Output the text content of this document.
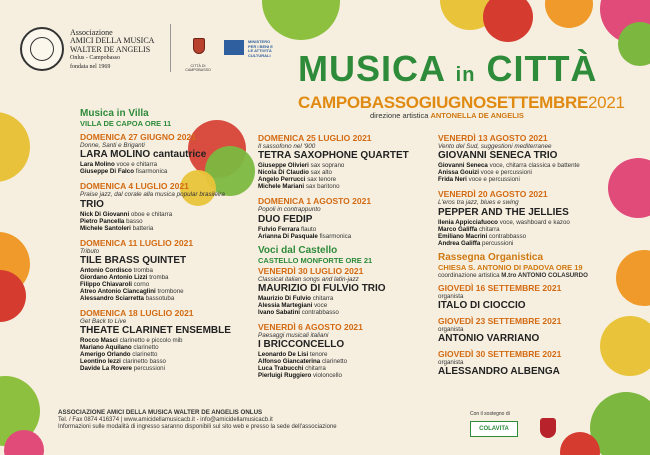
Associazione
AMICI DELLA MUSICA
WALTER DE ANGELIS
Onlus - Campobasso
fondata nel 1969	CITTÀ DI CAMPOBASSO
MINISTERO PER I BENI E LE ATTIVITÀ CULTURALI MUSICA in CITTÀ
CAMPOBASSOGIUGNOSETTEMBRE2021
direzione artistica ANTONELLA DE ANGELIS
Musica in Villa
VILLA DE CAPOA ORE 11
DOMENICA 27 GIUGNO 2021
Donne, Santi e Briganti
LARA MOLINO cantautrice
Lara Molino voce e chitarra
Giuseppe Di Falco fisarmonica
DOMENICA 4 LUGLIO 2021
Praise jazz, dal corale alla musica popular brasileira
TRIO
Nick Di Giovanni oboe e chitarra
Pietro Pancella basso
Michele Santoleri batteria
DOMENICA 11 LUGLIO 2021
Tributo
TILE BRASS QUINTET
Antonio Cordisco tromba
Giordano Antonio Lizzi tromba
Filippo Chiavaroli corno
Atreo Antonio Ciancaglini trombone
Alessandro Sciarretta bassotuba
DOMENICA 18 LUGLIO 2021
Get Back to Live
THEATE CLARINET ENSEMBLE
Rocco Masci clarinetto e piccolo mib
Mariano Aquilano clarinetto
Amerigo Orlando clarinetto
Leontino Iezzi clarinetto basso
Davide La Rovere percussioni
DOMENICA 25 LUGLIO 2021
Il sassofono nel '900
TETRA SAXOPHONE QUARTET
Giuseppe Olivieri sax soprano
Nicola Di Claudio sax alto
Angelo Perrucci sax tenore
Michele Mariani sax baritono
DOMENICA 1 AGOSTO 2021
Popoli in contrappunto
DUO FEDIP
Fulvio Ferrara flauto
Arianna Di Pasquale fisarmonica
Voci dal Castello
CASTELLO MONFORTE ORE 21
VENERDÌ 30 LUGLIO 2021
Classical italian songs and latin-jazz
MAURIZIO DI FULVIO TRIO
Maurizio Di Fulvio chitarra
Alessia Martegiani voce
Ivano Sabatini contrabbasso
VENERDÌ 6 AGOSTO 2021
Paesaggi musicali italiani
I BRICCONCELLO
Leonardo De Lisi tenore
Alfonso Giancaterina clarinetto
Luca Trabucchi chitarra
Pierluigi Ruggiero violoncello
VENERDÌ 13 AGOSTO 2021
Vento del Sud, suggestioni mediterranee
GIOVANNI SENECA TRIO
Giovanni Seneca voce, chitarra classica e battente
Anissa Gouizi voce e percussioni
Frida Neri voce e percussioni
VENERDÌ 20 AGOSTO 2021
L'eros tra jazz, blues e swing
PEPPER AND THE JELLIES
Ilenia Appicciafuoco voce, washboard e kazoo
Marco Galiffa chitarra
Emiliano Macrini contrabbasso
Andrea Galiffa percussioni
Rassegna Organistica
CHIESA S. ANTONIO DI PADOVA ORE 19
coordinazione artistica M.tro ANTONIO COLASURDO
GIOVEDÌ 16 SETTEMBRE 2021
organista
ITALO DI CIOCCIO
GIOVEDÌ 23 SETTEMBRE 2021
organista
ANTONIO VARRIANO
GIOVEDÌ 30 SETTEMBRE 2021
organista
ALESSANDRO ALBENGA
ASSOCIAZIONE AMICI DELLA MUSICA WALTER DE ANGELIS ONLUS
Tel. / Fax 0874 416374 | www.amicidellamusicacb.it - info@amicidellamusicacb.it
Informazioni sulle modalità di ingresso saranno disponibili sul sito web e presso la sede dell'associazione
Con il sostegno di
COLAVITA
